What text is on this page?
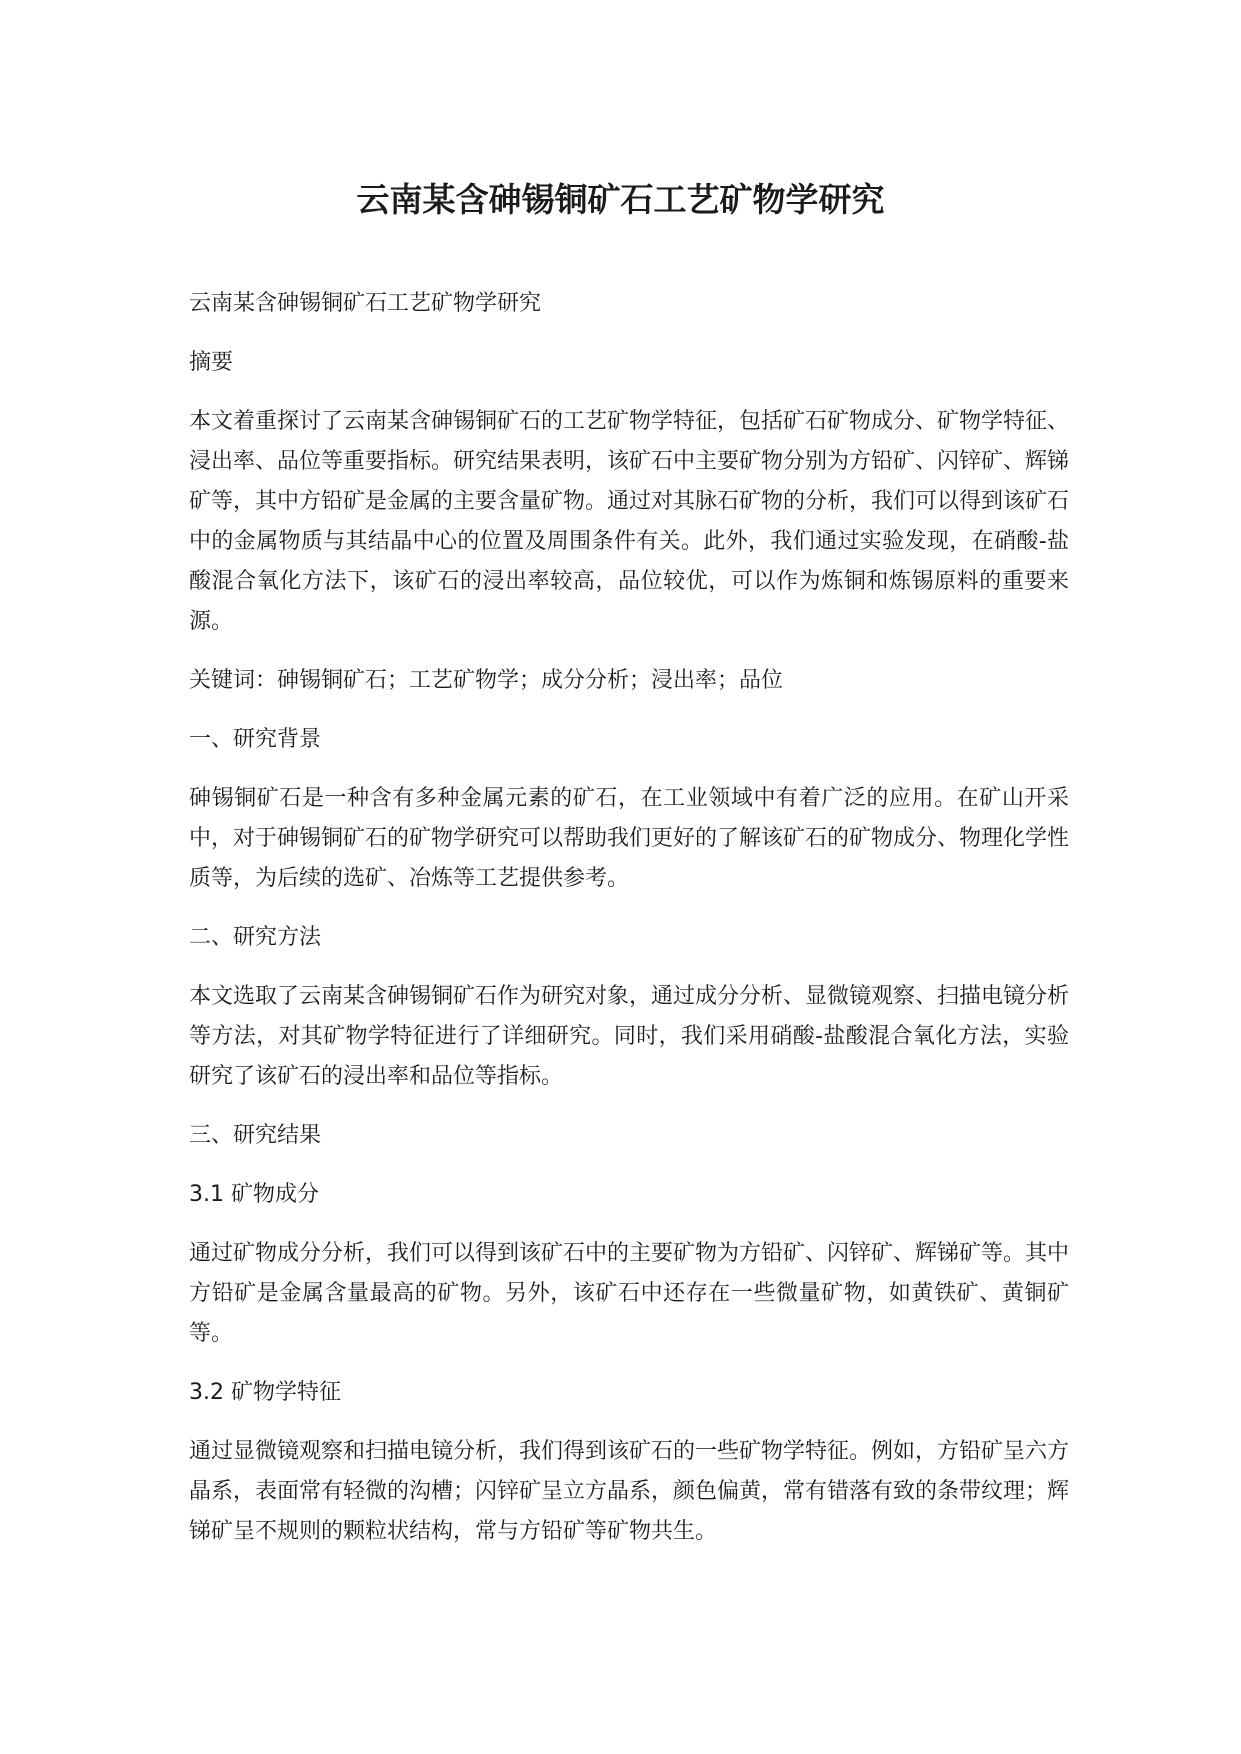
云南某含砷锡铜矿石工艺矿物学研究

云南某含砷锡铜矿石工艺矿物学研究

摘要

本文着重探讨了云南某含砷锡铜矿石的工艺矿物学特征，包括矿石矿物成分、矿物学特征、浸出率、品位等重要指标。研究结果表明，该矿石中主要矿物分别为方铅矿、闪锌矿、辉锑矿等，其中方铅矿是金属的主要含量矿物。通过对其脉石矿物的分析，我们可以得到该矿石中的金属物质与其结晶中心的位置及周围条件有关。此外，我们通过实验发现，在硝酸-盐酸混合氧化方法下，该矿石的浸出率较高，品位较优，可以作为炼铜和炼锡原料的重要来源。

关键词：砷锡铜矿石；工艺矿物学；成分分析；浸出率；品位

一、研究背景

砷锡铜矿石是一种含有多种金属元素的矿石，在工业领域中有着广泛的应用。在矿山开采中，对于砷锡铜矿石的矿物学研究可以帮助我们更好的了解该矿石的矿物成分、物理化学性质等，为后续的选矿、冶炼等工艺提供参考。

二、研究方法

本文选取了云南某含砷锡铜矿石作为研究对象，通过成分分析、显微镜观察、扫描电镜分析等方法，对其矿物学特征进行了详细研究。同时，我们采用硝酸-盐酸混合氧化方法，实验研究了该矿石的浸出率和品位等指标。

三、研究结果

3.1 矿物成分

通过矿物成分分析，我们可以得到该矿石中的主要矿物为方铅矿、闪锌矿、辉锑矿等。其中方铅矿是金属含量最高的矿物。另外，该矿石中还存在一些微量矿物，如黄铁矿、黄铜矿等。

3.2 矿物学特征

通过显微镜观察和扫描电镜分析，我们得到该矿石的一些矿物学特征。例如，方铅矿呈六方晶系，表面常有轻微的沟槽；闪锌矿呈立方晶系，颜色偏黄，常有错落有致的条带纹理；辉锑矿呈不规则的颗粒状结构，常与方铅矿等矿物共生。
